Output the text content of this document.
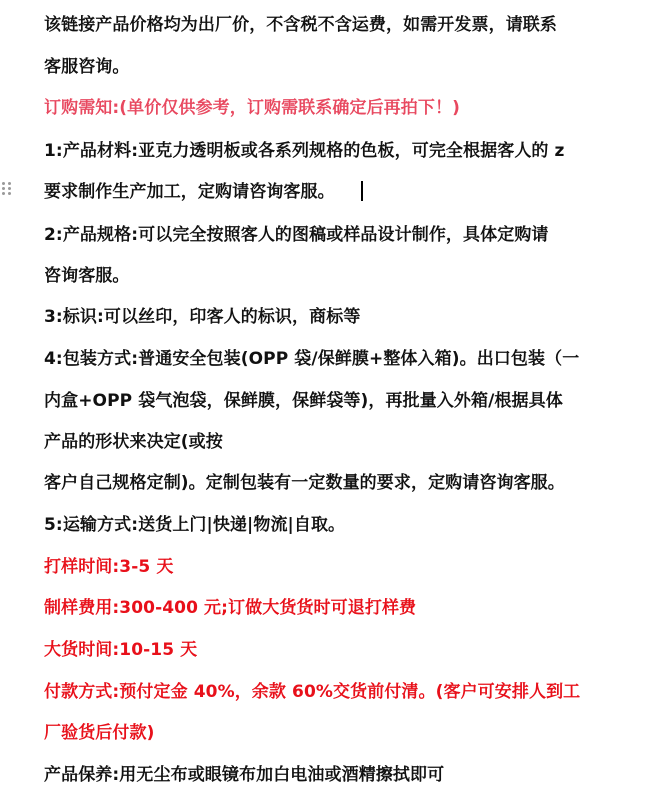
该链接产品价格均为出厂价，不含税不含运费，如需开发票，请联系
客服咨询。
订购需知:(单价仅供参考，订购需联系确定后再拍下！)
1:产品材料:亚克力透明板或各系列规格的色板，可完全根据客人的 z
要求制作生产加工，定购请咨询客服。
2:产品规格:可以完全按照客人的图稿或样品设计制作，具体定购请
咨询客服。
3:标识:可以丝印，印客人的标识，商标等
4:包装方式:普通安全包装(OPP 袋/保鲜膜+整体入箱)。出口包装（一
内盒+OPP 袋气泡袋，保鲜膜，保鲜袋等)，再批量入外箱/根据具体
产品的形状来决定(或按
客户自己规格定制)。定制包装有一定数量的要求，定购请咨询客服。
5:运输方式:送货上门|快递|物流|自取。
打样时间:3-5 天
制样费用:300-400 元;订做大货货时可退打样费
大货时间:10-15 天
付款方式:预付定金 40%，余款 60%交货前付清。(客户可安排人到工
厂验货后付款)
产品保养:用无尘布或眼镜布加白电油或酒精擦拭即可
